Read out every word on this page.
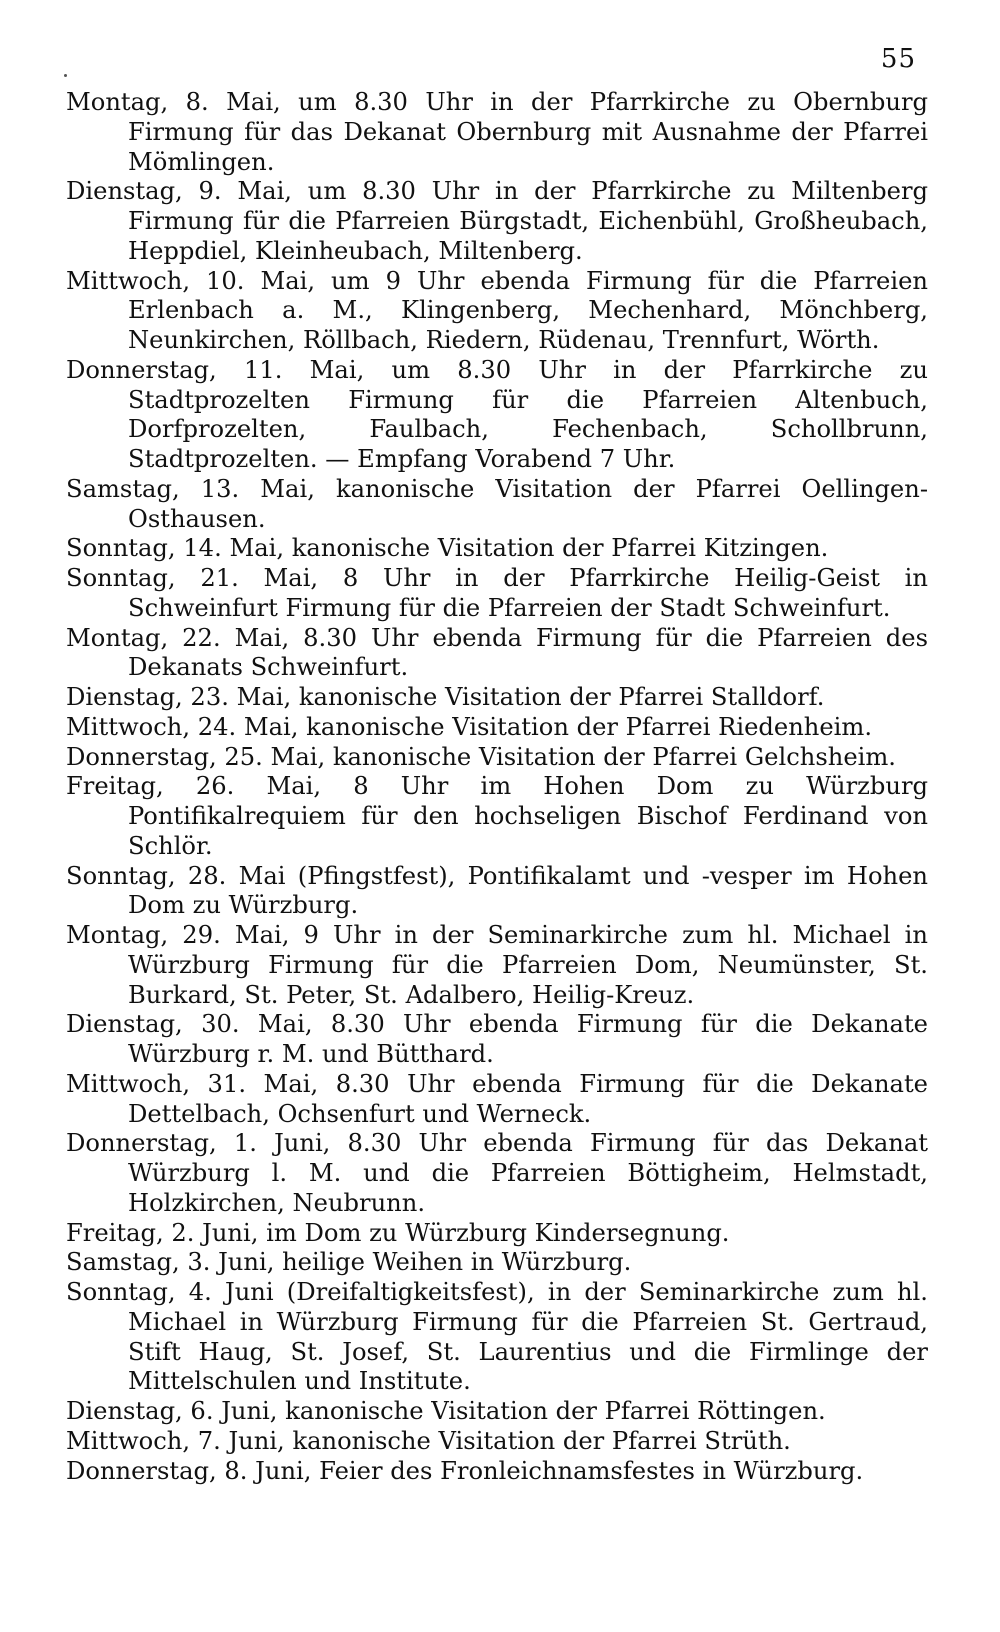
55

Montag, 8. Mai, um 8.30 Uhr in der Pfarrkirche zu Obernburg Firmung für das Dekanat Obernburg mit Ausnahme der Pfarrei Mömlingen.

Dienstag, 9. Mai, um 8.30 Uhr in der Pfarrkirche zu Miltenberg Firmung für die Pfarreien Bürgstadt, Eichenbühl, Großheubach, Heppdiel, Kleinheubach, Miltenberg.

Mittwoch, 10. Mai, um 9 Uhr ebenda Firmung für die Pfarreien Erlenbach a. M., Klingenberg, Mechenhard, Mönchberg, Neunkirchen, Röllbach, Riedern, Rüdenau, Trennfurt, Wörth.

Donnerstag, 11. Mai, um 8.30 Uhr in der Pfarrkirche zu Stadtprozelten Firmung für die Pfarreien Altenbuch, Dorfprozelten, Faulbach, Fechenbach, Schollbrunn, Stadtprozelten. — Empfang Vorabend 7 Uhr.

Samstag, 13. Mai, kanonische Visitation der Pfarrei Oellingen-Osthausen.

Sonntag, 14. Mai, kanonische Visitation der Pfarrei Kitzingen.

Sonntag, 21. Mai, 8 Uhr in der Pfarrkirche Heilig-Geist in Schweinfurt Firmung für die Pfarreien der Stadt Schweinfurt.

Montag, 22. Mai, 8.30 Uhr ebenda Firmung für die Pfarreien des Dekanats Schweinfurt.

Dienstag, 23. Mai, kanonische Visitation der Pfarrei Stalldorf.

Mittwoch, 24. Mai, kanonische Visitation der Pfarrei Riedenheim.

Donnerstag, 25. Mai, kanonische Visitation der Pfarrei Gelchsheim.

Freitag, 26. Mai, 8 Uhr im Hohen Dom zu Würzburg Pontifikalrequiem für den hochseligen Bischof Ferdinand von Schlör.

Sonntag, 28. Mai (Pfingstfest), Pontifikalamt und -vesper im Hohen Dom zu Würzburg.

Montag, 29. Mai, 9 Uhr in der Seminarkirche zum hl. Michael in Würzburg Firmung für die Pfarreien Dom, Neumünster, St. Burkard, St. Peter, St. Adalbero, Heilig-Kreuz.

Dienstag, 30. Mai, 8.30 Uhr ebenda Firmung für die Dekanate Würzburg r. M. und Bütthard.

Mittwoch, 31. Mai, 8.30 Uhr ebenda Firmung für die Dekanate Dettelbach, Ochsenfurt und Werneck.

Donnerstag, 1. Juni, 8.30 Uhr ebenda Firmung für das Dekanat Würzburg l. M. und die Pfarreien Böttigheim, Helmstadt, Holzkirchen, Neubrunn.

Freitag, 2. Juni, im Dom zu Würzburg Kindersegnung.

Samstag, 3. Juni, heilige Weihen in Würzburg.

Sonntag, 4. Juni (Dreifaltigkeitsfest), in der Seminarkirche zum hl. Michael in Würzburg Firmung für die Pfarreien St. Gertraud, Stift Haug, St. Josef, St. Laurentius und die Firmlinge der Mittelschulen und Institute.

Dienstag, 6. Juni, kanonische Visitation der Pfarrei Röttingen.

Mittwoch, 7. Juni, kanonische Visitation der Pfarrei Strüth.

Donnerstag, 8. Juni, Feier des Fronleichnamsfestes in Würzburg.
